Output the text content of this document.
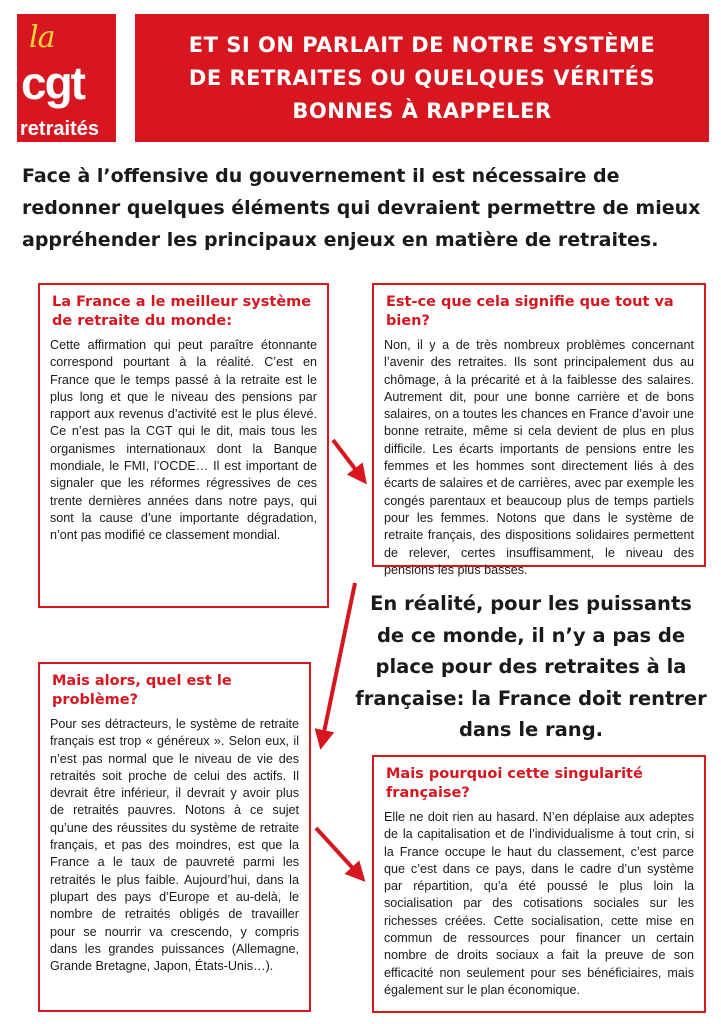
la
cgt
retraités
ET SI ON PARLAIT DE NOTRE SYSTÈME
DE RETRAITES OU QUELQUES VÉRITÉS
BONNES À RAPPELER
Face à l’offensive du gouvernement il est nécessaire de redonner quelques éléments qui devraient permettre de mieux appréhender les principaux enjeux en matière de retraites.
La France a le meilleur système de retraite du monde:

Cette affirmation qui peut paraître étonnante correspond pourtant à la réalité. C’est en France que le temps passé à la retraite est le plus long et que le niveau des pensions par rapport aux revenus d’activité est le plus élevé. Ce n’est pas la CGT qui le dit, mais tous les organismes internationaux dont la Banque mondiale, le FMI, l’OCDE… Il est important de signaler que les réformes régressives de ces trente dernières années dans notre pays, qui sont la cause d’une importante dégradation, n’ont pas modifié ce classement mondial.

Est-ce que cela signifie que tout va bien?

Non, il y a de très nombreux problèmes concernant l’avenir des retraites. Ils sont principalement dus au chômage, à la précarité et à la faiblesse des salaires. Autrement dit, pour une bonne carrière et de bons salaires, on a toutes les chances en France d’avoir une bonne retraite, même si cela devient de plus en plus difficile. Les écarts importants de pensions entre les femmes et les hommes sont directement liés à des écarts de salaires et de carrières, avec par exemple les congés parentaux et beaucoup plus de temps partiels pour les femmes. Notons que dans le système de retraite français, des dispositions solidaires permettent de relever, certes insuffisamment, le niveau des pensions les plus basses.

En réalité, pour les puissants de ce monde, il n’y a pas de place pour des retraites à la française: la France doit rentrer dans le rang.
Mais alors, quel est le problème?

Pour ses détracteurs, le système de retraite français est trop « généreux ». Selon eux, il n’est pas normal que le niveau de vie des retraités soit proche de celui des actifs. Il devrait être inférieur, il devrait y avoir plus de retraités pauvres. Notons à ce sujet qu’une des réussites du système de retraite français, et pas des moindres, est que la France a le taux de pauvreté parmi les retraités le plus faible. Aujourd’hui, dans la plupart des pays d’Europe et au-delà, le nombre de retraités obligés de travailler pour se nourrir va crescendo, y compris dans les grandes puissances (Allemagne, Grande Bretagne, Japon, États-Unis…).

Mais pourquoi cette singularité française?

Elle ne doit rien au hasard. N’en déplaise aux adeptes de la capitalisation et de l’individualisme à tout crin, si la France occupe le haut du classement, c’est parce que c’est dans ce pays, dans le cadre d’un système par répartition, qu’a été poussé le plus loin la socialisation par des cotisations sociales sur les richesses créées. Cette socialisation, cette mise en commun de ressources pour financer un certain nombre de droits sociaux a fait la preuve de son efficacité non seulement pour ses bénéficiaires, mais également sur le plan économique.
